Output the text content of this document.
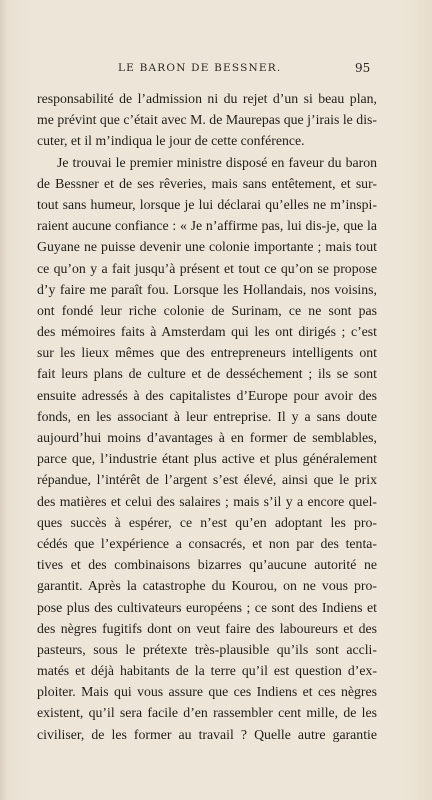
LE BARON DE BESSNER.	95
responsabilité de l’admission ni du rejet d’un si beau plan,
me prévint que c’était avec M. de Maurepas que j’irais le dis-
cuter, et il m’indiqua le jour de cette conférence.
Je trouvai le premier ministre disposé en faveur du baron
de Bessner et de ses rêveries, mais sans entêtement, et sur-
tout sans humeur, lorsque je lui déclarai qu’elles ne m’inspi-
raient aucune confiance : « Je n’affirme pas, lui dis-je, que la
Guyane ne puisse devenir une colonie importante ; mais tout
ce qu’on y a fait jusqu’à présent et tout ce qu’on se propose
d’y faire me paraît fou. Lorsque les Hollandais, nos voisins,
ont fondé leur riche colonie de Surinam, ce ne sont pas
des mémoires faits à Amsterdam qui les ont dirigés ; c’est
sur les lieux mêmes que des entrepreneurs intelligents ont
fait leurs plans de culture et de desséchement ; ils se sont
ensuite adressés à des capitalistes d’Europe pour avoir des
fonds, en les associant à leur entreprise. Il y a sans doute
aujourd’hui moins d’avantages à en former de semblables,
parce que, l’industrie étant plus active et plus généralement
répandue, l’intérêt de l’argent s’est élevé, ainsi que le prix
des matières et celui des salaires ; mais s’il y a encore quel-
ques succès à espérer, ce n’est qu’en adoptant les pro-
cédés que l’expérience a consacrés, et non par des tenta-
tives et des combinaisons bizarres qu’aucune autorité ne
garantit. Après la catastrophe du Kourou, on ne vous pro-
pose plus des cultivateurs européens ; ce sont des Indiens et
des nègres fugitifs dont on veut faire des laboureurs et des
pasteurs, sous le prétexte très-plausible qu’ils sont accli-
matés et déjà habitants de la terre qu’il est question d’ex-
ploiter. Mais qui vous assure que ces Indiens et ces nègres
existent, qu’il sera facile d’en rassembler cent mille, de les
civiliser, de les former au travail ? Quelle autre garantie
